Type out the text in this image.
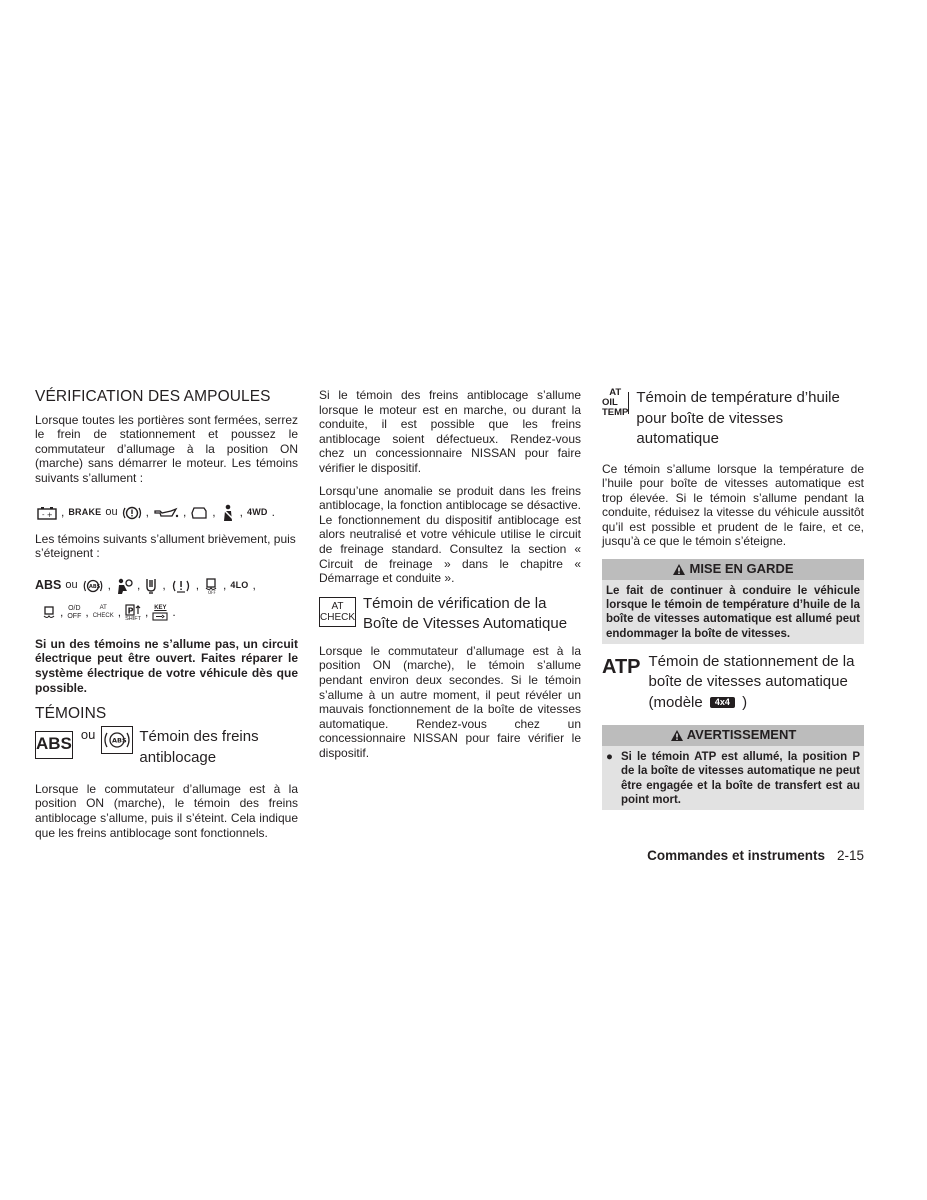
VÉRIFICATION DES AMPOULES

Lorsque toutes les portières sont fermées, serrez le frein de stationnement et poussez le commutateur d’allumage à la position ON (marche) sans démarrer le moteur. Les témoins suivants s’allument :

- + , BRAKE ou ,	, , , 4WD .

Les témoins suivants s’allument brièvement, puis s’éteignent :

ABS ou ABS , , ,	, OFF , 4LO ,
, O/D
OFF ,	AT
CHECK , P
SHIFT , KEY .

Si un des témoins ne s’allume pas, un circuit électrique peut être ouvert. Faites réparer le système électrique de votre véhicule dès que possible.

TÉMOINS
ABS
ou	ABS Témoin des freins antiblocage

Lorsque le commutateur d’allumage est à la position ON (marche), le témoin des freins antiblocage s’allume, puis il s’éteint. Cela indique que les freins antiblocage sont fonctionnels.

Si le témoin des freins antiblocage s’allume lorsque le moteur est en marche, ou durant la conduite, il est possible que les freins antiblocage soient défectueux. Rendez-vous chez un concessionnaire NISSAN pour faire vérifier le dispositif.

Lorsqu’une anomalie se produit dans les freins antiblocage, la fonction antiblocage se désactive. Le fonctionnement du dispositif antiblocage est alors neutralisé et votre véhicule utilise le circuit de freinage standard. Consultez la section « Circuit de freinage » dans le chapitre « Démarrage et conduite ».

AT
CHECK
Témoin de vérification de la Boîte de Vitesses Automatique

Lorsque le commutateur d’allumage est à la position ON (marche), le témoin s’allume pendant environ deux secondes. Si le témoin s’allume à un autre moment, il peut révéler un mauvais fonctionnement de la boîte de vitesses automatique. Rendez-vous chez un concessionnaire NISSAN pour faire vérifier le dispositif.

AT
OIL TEMP
Témoin de température d’huile pour boîte de vitesses automatique

Ce témoin s’allume lorsque la température de l’huile pour boîte de vitesses automatique est trop élevée. Si le témoin s’allume pendant la conduite, réduisez la vitesse du véhicule aussitôt qu’il est possible et prudent de le faire, et ce, jusqu’à ce que le témoin s’éteigne.

MISE EN GARDE
Le fait de continuer à conduire le véhicule lorsque le témoin de température d’huile de la boîte de vitesses automatique est allumé peut endommager la boîte de vitesses.
ATP Témoin de stationnement de la boîte de vitesses automatique
(modèle 4x4 )
AVERTISSEMENT
● Si le témoin ATP est allumé, la position P de la boîte de vitesses automatique ne peut être engagée et la boîte de transfert est au point mort.
Commandes et instruments 2-15
